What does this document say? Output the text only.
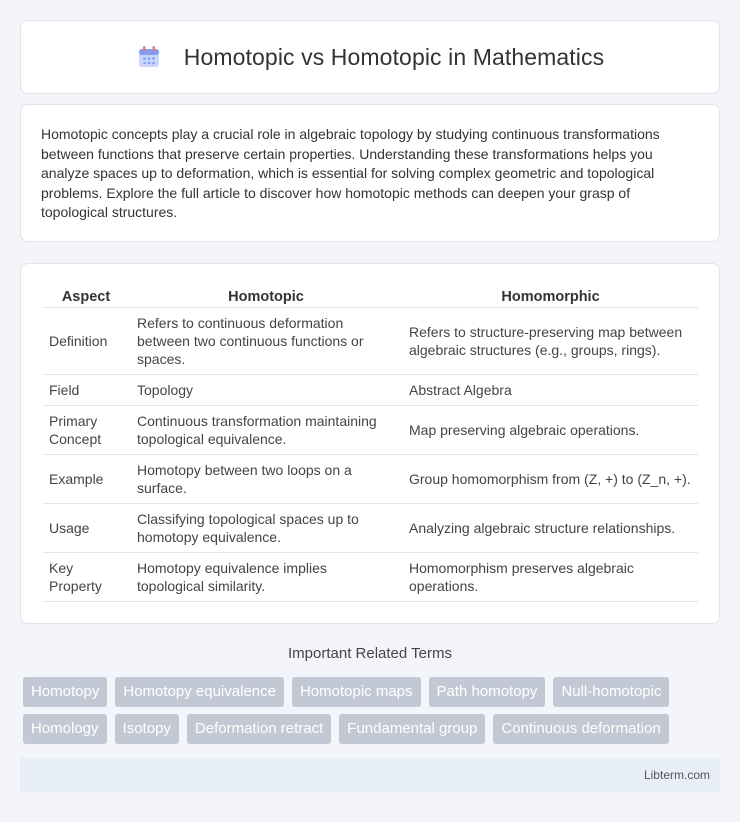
Homotopic vs Homotopic in Mathematics

Homotopic concepts play a crucial role in algebraic topology by studying continuous transformations between functions that preserve certain properties. Understanding these transformations helps you analyze spaces up to deformation, which is essential for solving complex geometric and topological problems. Explore the full article to discover how homotopic methods can deepen your grasp of topological structures.

Aspect	Homotopic	Homomorphic
Definition	Refers to continuous deformation between two continuous functions or spaces.	Refers to structure-preserving map between algebraic structures (e.g., groups, rings).
Field	Topology	Abstract Algebra
Primary Concept	Continuous transformation maintaining topological equivalence.	Map preserving algebraic operations.
Example	Homotopy between two loops on a surface.	Group homomorphism from (Z, +) to (Z_n, +).
Usage	Classifying topological spaces up to homotopy equivalence.	Analyzing algebraic structure relationships.
Key Property	Homotopy equivalence implies topological similarity.	Homomorphism preserves algebraic operations.
Important Related Terms
Homotopy	Homotopy equivalence	Homotopic maps	Path homotopy	Null-homotopic
Homology	Isotopy	Deformation retract	Fundamental group	Continuous deformation
Libterm.com
